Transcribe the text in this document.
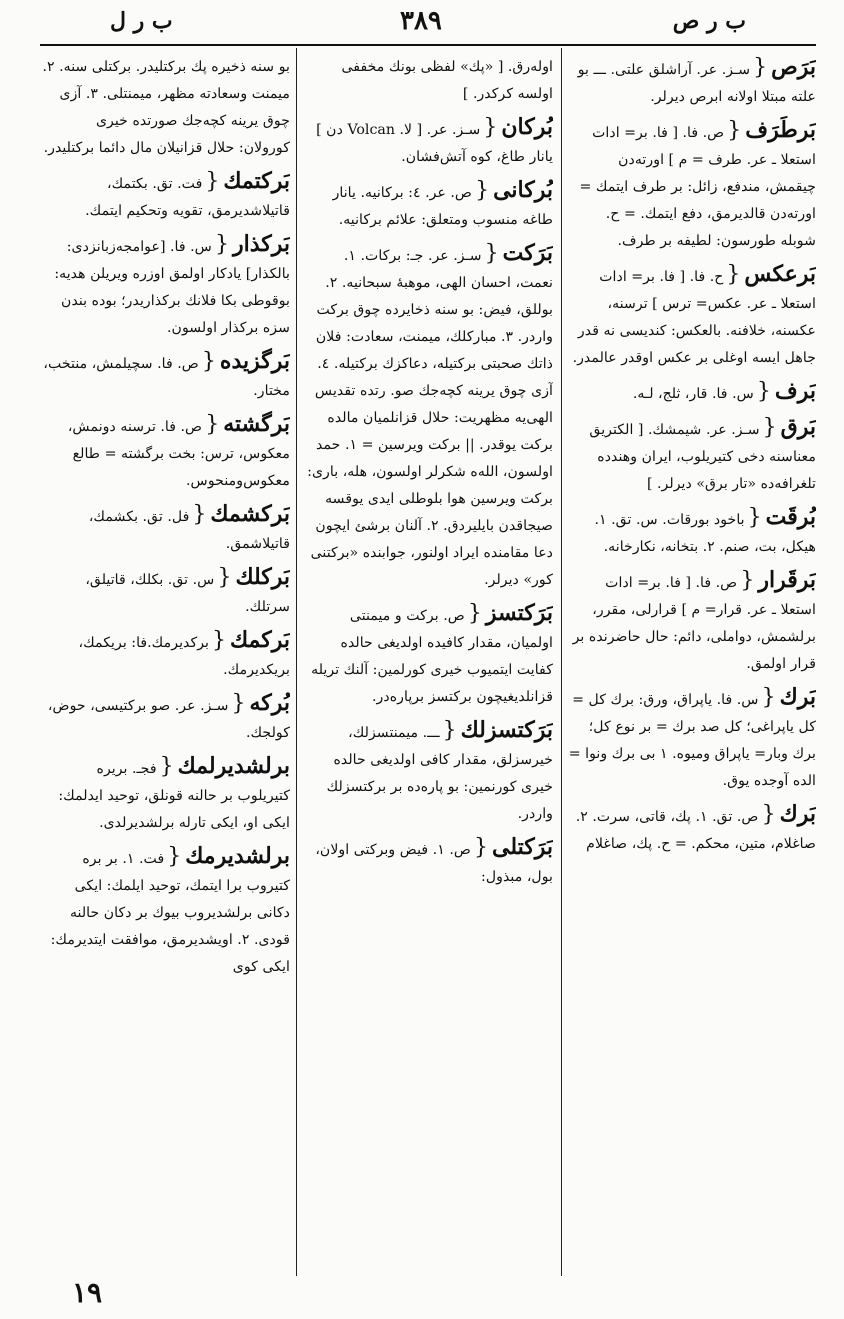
ب ر ل	٣٨٩	ب ر ص
بَرَص{سـز. عر. آراشلق علتى. ـــ بو علته مبتلا اولانه ابرص ديرلر.
بَرطَرَف{ص. فا. [ فا. بر= ادات استعلا ـ عر. طرف = م ] اورته‌دن چيقمش، مندفع، زائل: بر طرف ايتمك = اورته‌دن قالديرمق، دفع ايتمك. = ح. شوبله طورسون: لطيفه بر طرف.
بَرعكس{ح. فا. [ فا. بر= ادات استعلا ـ عر. عكس= ترس ] ترسنه، عكسنه، خلافنه. بالعكس: كنديسى نه قدر جاهل ايسه اوغلى بر عكس اوقدر عالمدر.
بَرف{س. فا. قار، ثلج، لـه.
بَرق{سـز. عر. شيمشك. [ الكتريق معناسنه دخى كتيريلوب، ايران وهندده تلغرافه‌ده «تار برق» ديرلر. ]
بُرقَت{باخود بورقات. س. تق. ١. هيكل، بت، صنم. ٢. بتخانه، نكارخانه.
بَرقَرار{ص. فا. [ فا. بر= ادات استعلا ـ عر. قرار= م ] قرارلى، مقرر، برلشمش، دواملى، دائم: حال حاضرنده بر قرار اولمق.
بَرك{س. فا. ياپراق، ورق: برك كل = كل ياپراغى؛ كل صد برك = بر نوع كل؛ برك وبار= ياپراق وميوه. ١ بى برك ونوا = الده آوجده يوق.
بَرك{ص. تق. ١. پك، قاتى، سرت. ٢. صاغلام، متين، محكم. = ح. پك، صاغلام
اوله‌رق. [ «پك» لفظى بونك مخففى اولسه كركدر. ]
بُركان{سـز. عر. [ لا. Volcan دن ] يانار طاغ، كوه آتش‌فشان.
بُركانى{ص. عر. ٤: بركانيه. يانار طاغه منسوب ومتعلق: علائم بركانيه.
بَرَكت{سـز. عر. جـ: بركات. ١. نعمت، احسان الهى، موهبهٔ سبحانيه. ٢. بوللق، فيض: بو سنه ذخايرده چوق بركت واردر. ٣. مباركلك، ميمنت، سعادت: فلان ذاتك صحبتى بركتيله، دعاكزك بركتيله. ٤. آزى چوق يرينه كچه‌جك صو. رتده تقديس الهى‌يه مظهريت: حلال قزانلميان مالده بركت يوقدر. || بركت ويرسين = ١. حمد اولسون، الله‌ه شكرلر اولسون، هله، بارى: بركت ويرسين هوا بلوطلى ايدى يوقسه صيجاقدن بايليردق. ٢. آلنان برشئ ايچون دعا مقامنده ايراد اولنور، جوابنده «بركتنى كور» ديرلر.
بَرَكتسز{ص. بركت و ميمنتى اولميان، مقدار كافيده اولديغى حالده كفايت ايتميوب خيرى كورلمين: آلنك تريله قزانلديغيچون بركتسز برپاره‌در.
بَرَكتسزلك{ـــ. ميمنتسزلك، خيرسزلق، مقدار كافى اولديغى حالده خيرى كورنمين: بو پاره‌ده بر بركتسزلك واردر.
بَرَكتلى{ص. ١. فيض وبركتى اولان، بول، مبذول:
بو سنه ذخيره پك بركتليدر. بركتلى سنه. ٢. ميمنت وسعادته مظهر، ميمنتلى. ٣. آزى چوق يرينه كچه‌جك صورتده خيرى كورولان: حلال قزانيلان مال دائما بركتليدر.
بَركتمك{فت. تق. بكتمك، قاتيلاشديرمق، تقويه وتحكيم ايتمك.
بَركذار{س. فا. [عوامجه‌زبانزدى: بالكذار] يادكار اولمق اوزره ويريلن هديه: بوقوطى بكا فلانك بركذاريدر؛ بوده بندن سزه بركذار اولسون.
بَرگزيده{ص. فا. سچيلمش، منتخب، مختار.
بَرگشته{ص. فا. ترسنه دونمش، معكوس، ترس: بخت برگشته = طالع معكوس‌ومنحوس.
بَركشمك{فل. تق. بكشمك، قاتيلاشمق.
بَركلك{س. تق. بكلك، قاتيلق، سرتلك.
بَركمك{بركديرمك.فا: بريكمك، بريكديرمك.
بُركه{سـز. عر. صو بركتيسى، حوض، كولجك.
برلشديرلمك{فجـ. بريره كتيريلوب بر حالنه قونلق، توحيد ايدلمك: ايكى او، ايكى تارله برلشديرلدى.
برلشديرمك{فت. ١. بر بره كتيروب برا ايتمك، توحيد ايلمك: ايكى دكانى برلشديروب بيوك بر دكان حالنه قودى. ٢. اويشديرمق، موافقت ايتديرمك: ايكى كوى
١٩
